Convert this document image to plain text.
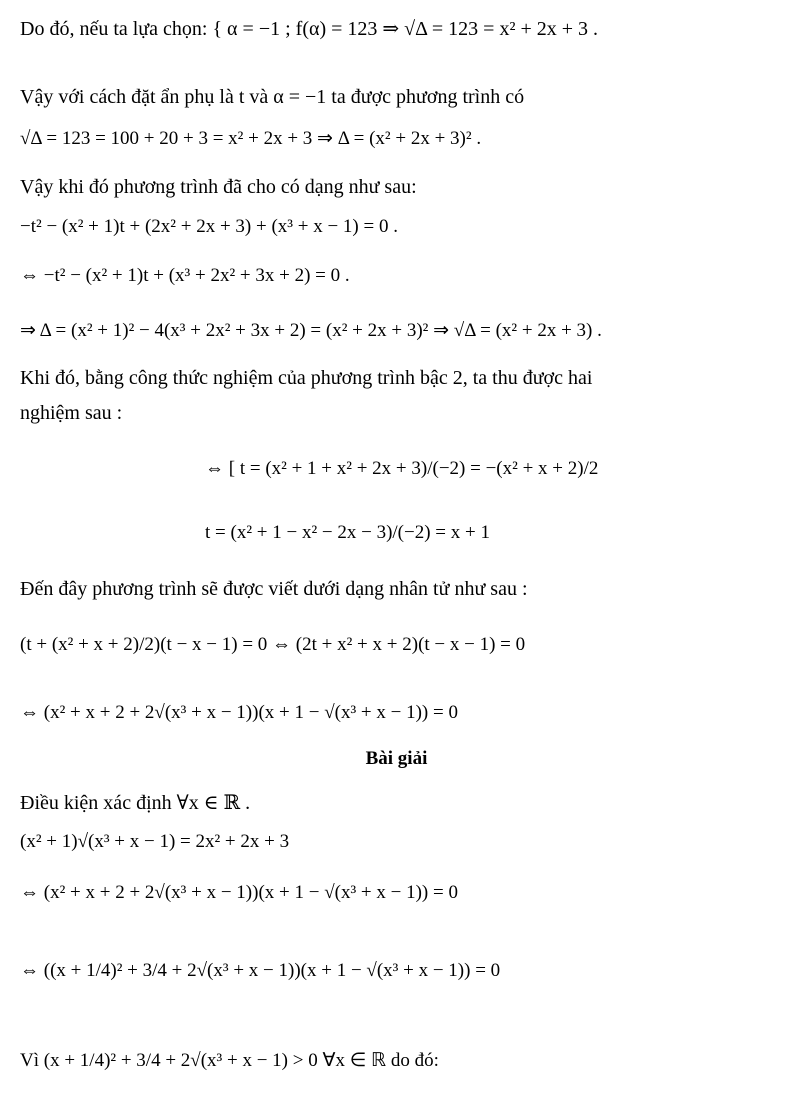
Do đó, nếu ta lựa chọn: { α = −1 ; f(α) = 123 ⇒ √Δ = 123 = x² + 2x + 3 .
Vậy với cách đặt ẩn phụ là t và α = −1 ta được phương trình có
√Δ = 123 = 100 + 20 + 3 = x² + 2x + 3 ⇒ Δ = (x² + 2x + 3)² .
Vậy khi đó phương trình đã cho có dạng như sau:
−t² − (x² + 1)t + (2x² + 2x + 3) + (x³ + x − 1) = 0 .
⇔ −t² − (x² + 1)t + (x³ + 2x² + 3x + 2) = 0 .
⇒ Δ = (x² + 1)² − 4(x³ + 2x² + 3x + 2) = (x² + 2x + 3)² ⇒ √Δ = (x² + 2x + 3) .
Khi đó, bằng công thức nghiệm của phương trình bậc 2, ta thu được hai
nghiệm sau :
⇔ [ t = (x² + 1 + x² + 2x + 3)/(−2) = −(x² + x + 2)/2
t = (x² + 1 − x² − 2x − 3)/(−2) = x + 1
Đến đây phương trình sẽ được viết dưới dạng nhân tử như sau :
(t + (x² + x + 2)/2)(t − x − 1) = 0 ⇔ (2t + x² + x + 2)(t − x − 1) = 0
⇔ (x² + x + 2 + 2√(x³ + x − 1))(x + 1 − √(x³ + x − 1)) = 0
Bài giải
Điều kiện xác định ∀x ∈ ℝ .
(x² + 1)√(x³ + x − 1) = 2x² + 2x + 3
⇔ (x² + x + 2 + 2√(x³ + x − 1))(x + 1 − √(x³ + x − 1)) = 0
⇔ ((x + 1/4)² + 3/4 + 2√(x³ + x − 1))(x + 1 − √(x³ + x − 1)) = 0
Vì (x + 1/4)² + 3/4 + 2√(x³ + x − 1) > 0 ∀x ∈ ℝ do đó:
